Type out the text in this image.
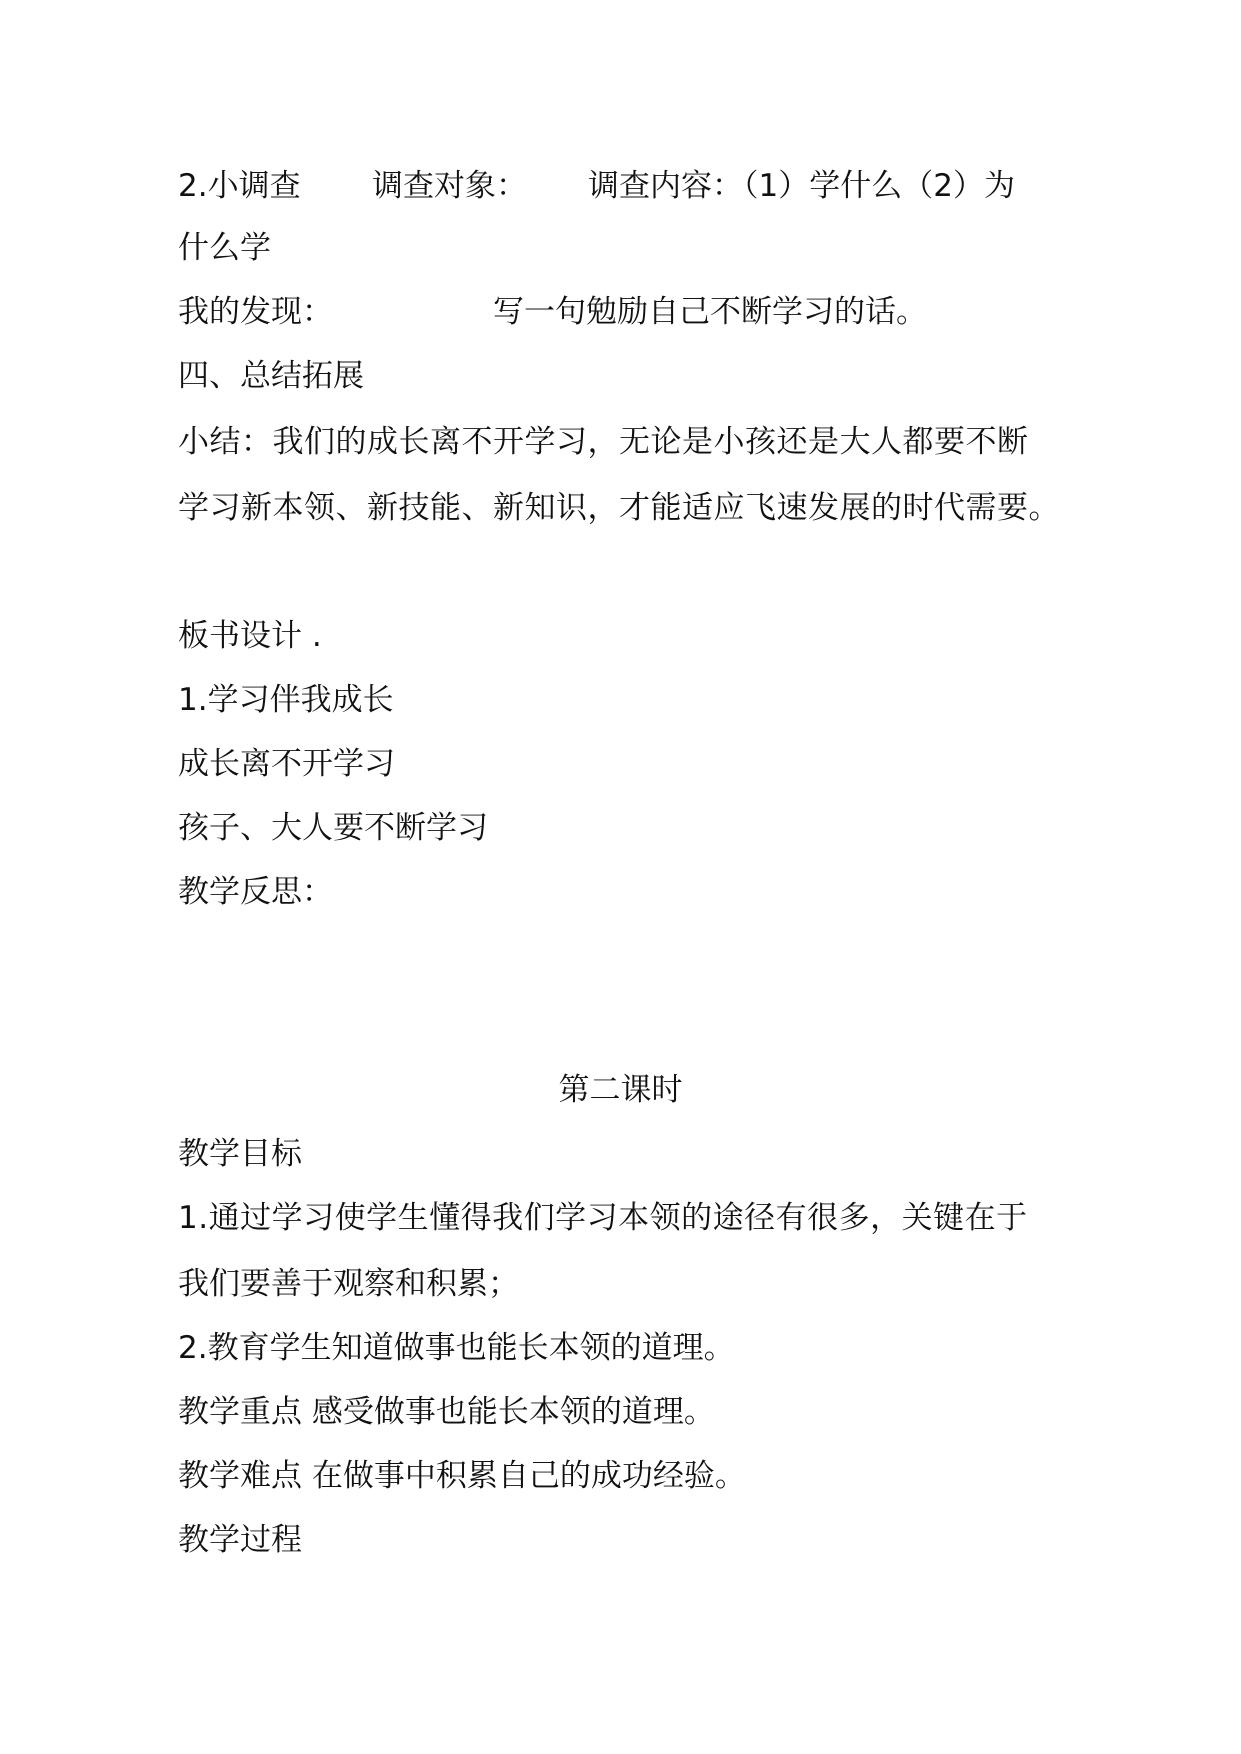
2.小调查 调查对象： 调查内容：（1）学什么（2）为
什么学
我的发现：	写一句勉励自己不断学习的话。
四、总结拓展
小结：我们的成长离不开学习，无论是小孩还是大人都要不断
学习新本领、新技能、新知识，才能适应飞速发展的时代需要。
板书设计 .
1.学习伴我成长
成长离不开学习
孩子、大人要不断学习
教学反思：
第二课时
教学目标
1.通过学习使学生懂得我们学习本领的途径有很多，关键在于
我们要善于观察和积累；
2.教育学生知道做事也能长本领的道理。
教学重点 感受做事也能长本领的道理。
教学难点 在做事中积累自己的成功经验。
教学过程
